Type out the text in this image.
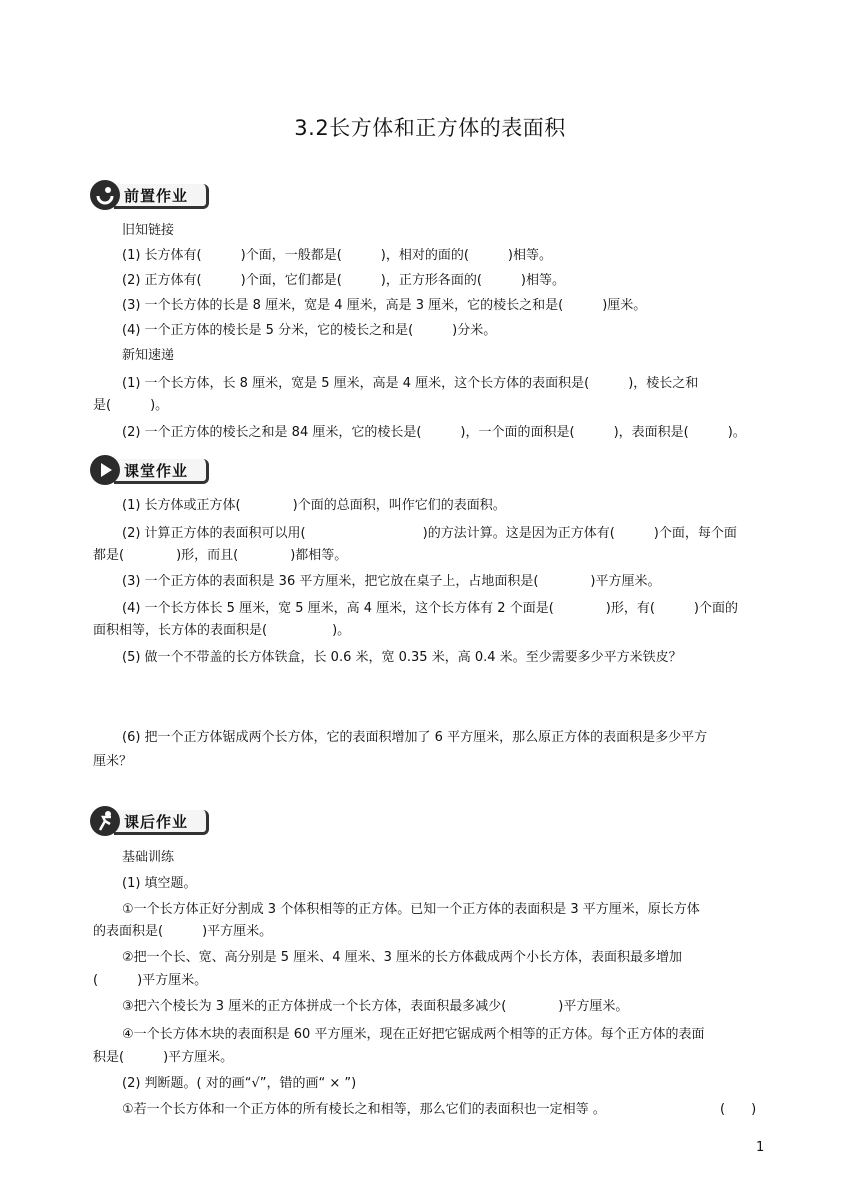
3.2长方体和正方体的表面积
前置作业
旧知链接
(1) 长方体有(　　　)个面，一般都是(　　　)，相对的面的(　　　)相等。
(2) 正方体有(　　　)个面，它们都是(　　　)，正方形各面的(　　　)相等。
(3) 一个长方体的长是 8 厘米，宽是 4 厘米，高是 3 厘米，它的棱长之和是(　　　)厘米。
(4) 一个正方体的棱长是 5 分米，它的棱长之和是(　　　)分米。
新知速递
(1) 一个长方体，长 8 厘米，宽是 5 厘米，高是 4 厘米，这个长方体的表面积是(　　　)，棱长之和
是(　　　)。
(2) 一个正方体的棱长之和是 84 厘米，它的棱长是(　　　)，一个面的面积是(　　　)，表面积是(　　　)。
课堂作业
(1) 长方体或正方体(　　　　)个面的总面积，叫作它们的表面积。
(2) 计算正方体的表面积可以用(　　　　　　　　　)的方法计算。这是因为正方体有(　　　)个面，每个面
都是(　　　　)形，而且(　　　　)都相等。
(3) 一个正方体的表面积是 36 平方厘米，把它放在桌子上，占地面积是(　　　　)平方厘米。
(4) 一个长方体长 5 厘米，宽 5 厘米，高 4 厘米，这个长方体有 2 个面是(　　　　)形，有(　　　)个面的
面积相等，长方体的表面积是(　　　　　)。
(5) 做一个不带盖的长方体铁盒，长 0.6 米，宽 0.35 米，高 0.4 米。至少需要多少平方米铁皮？
(6) 把一个正方体锯成两个长方体，它的表面积增加了 6 平方厘米，那么原正方体的表面积是多少平方
厘米？
课后作业
基础训练
(1) 填空题。
①一个长方体正好分割成 3 个体积相等的正方体。已知一个正方体的表面积是 3 平方厘米，原长方体
的表面积是(　　　)平方厘米。
②把一个长、宽、高分别是 5 厘米、4 厘米、3 厘米的长方体截成两个小长方体，表面积最多增加
(　　　)平方厘米。
③把六个棱长为 3 厘米的正方体拼成一个长方体，表面积最多减少(　　　　)平方厘米。
④一个长方体木块的表面积是 60 平方厘米，现在正好把它锯成两个相等的正方体。每个正方体的表面
积是(　　　)平方厘米。
(2) 判断题。( 对的画“√”，错的画“ × ”)
①若一个长方体和一个正方体的所有棱长之和相等，那么它们的表面积也一定相等 。	(　　)
1
